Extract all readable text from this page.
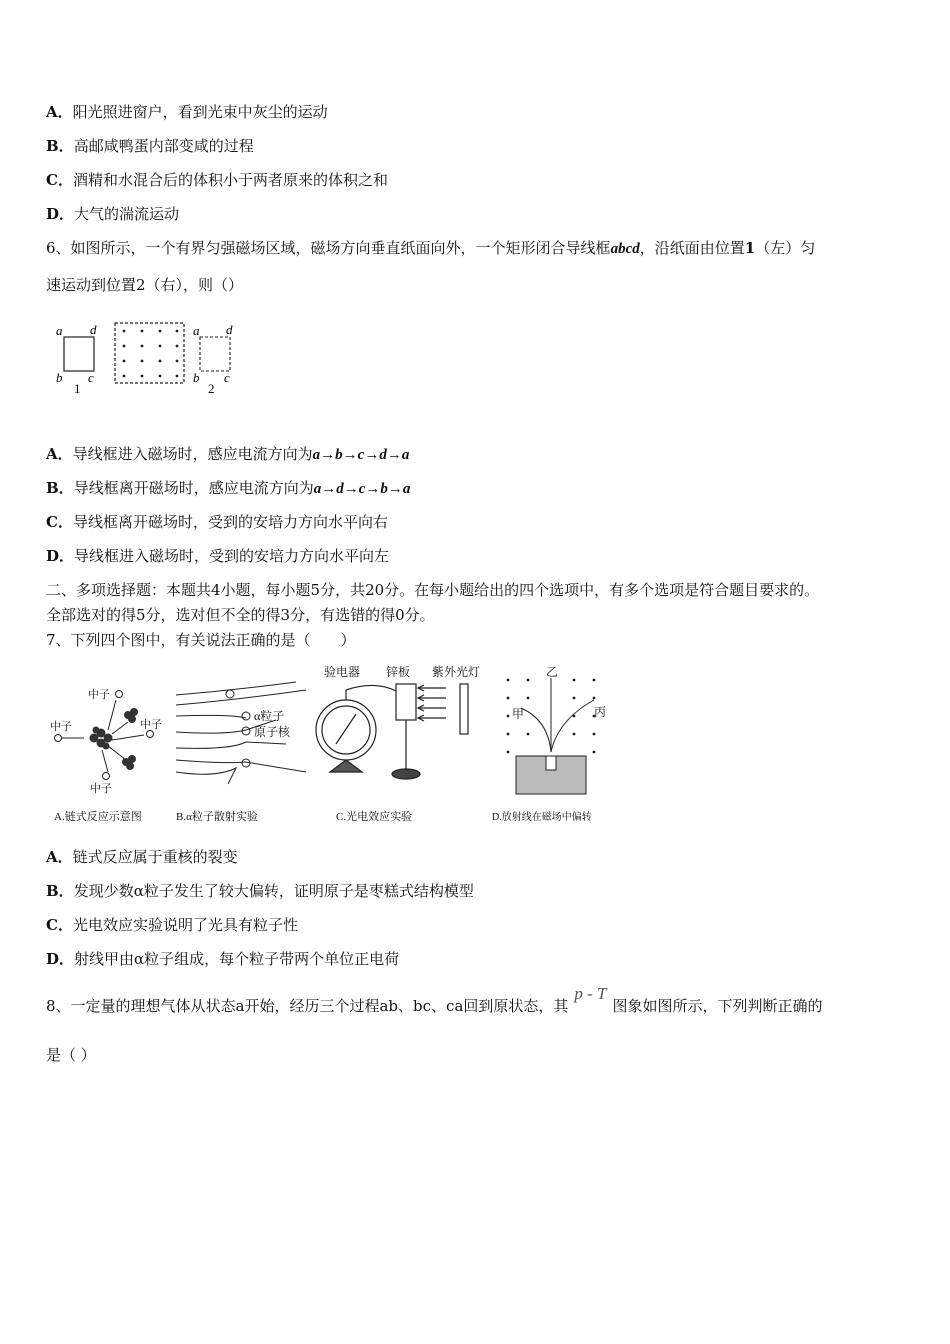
A．阳光照进窗户，看到光束中灰尘的运动
B．高邮咸鸭蛋内部变咸的过程
C．酒精和水混合后的体积小于两者原来的体积之和
D．大气的湍流运动
6、如图所示，一个有界匀强磁场区域，磁场方向垂直纸面向外，一个矩形闭合导线框abcd，沿纸面由位置1（左）匀
速运动到位置2（右），则（）
a d
b c
1
a d
b c
2
A．导线框进入磁场时，感应电流方向为a→b→c→d→a
B．导线框离开磁场时，感应电流方向为a→d→c→b→a
C．导线框离开磁场时，受到的安培力方向水平向右
D．导线框进入磁场时，受到的安培力方向水平向左
二、多项选择题：本题共4小题，每小题5分，共20分。在每小题给出的四个选项中，有多个选项是符合题目要求的。
全部选对的得5分，选对但不全的得3分，有选错的得0分。
7、下列四个图中，有关说法正确的是（　　）
中子
中子	中子
中子
A.链式反应示意图
α粒子
原子核
B.α粒子散射实验
验电器 锌板 紫外光灯
C.光电效应实验
乙
甲	丙
D.放射线在磁场中偏转
A．链式反应属于重核的裂变
B．发现少数α粒子发生了较大偏转，证明原子是枣糕式结构模型
C．光电效应实验说明了光具有粒子性
D．射线甲由α粒子组成，每个粒子带两个单位正电荷
8、一定量的理想气体从状态a开始，经历三个过程ab、bc、ca回到原状态，其p - T图象如图所示，下列判断正确的
是（ ）
